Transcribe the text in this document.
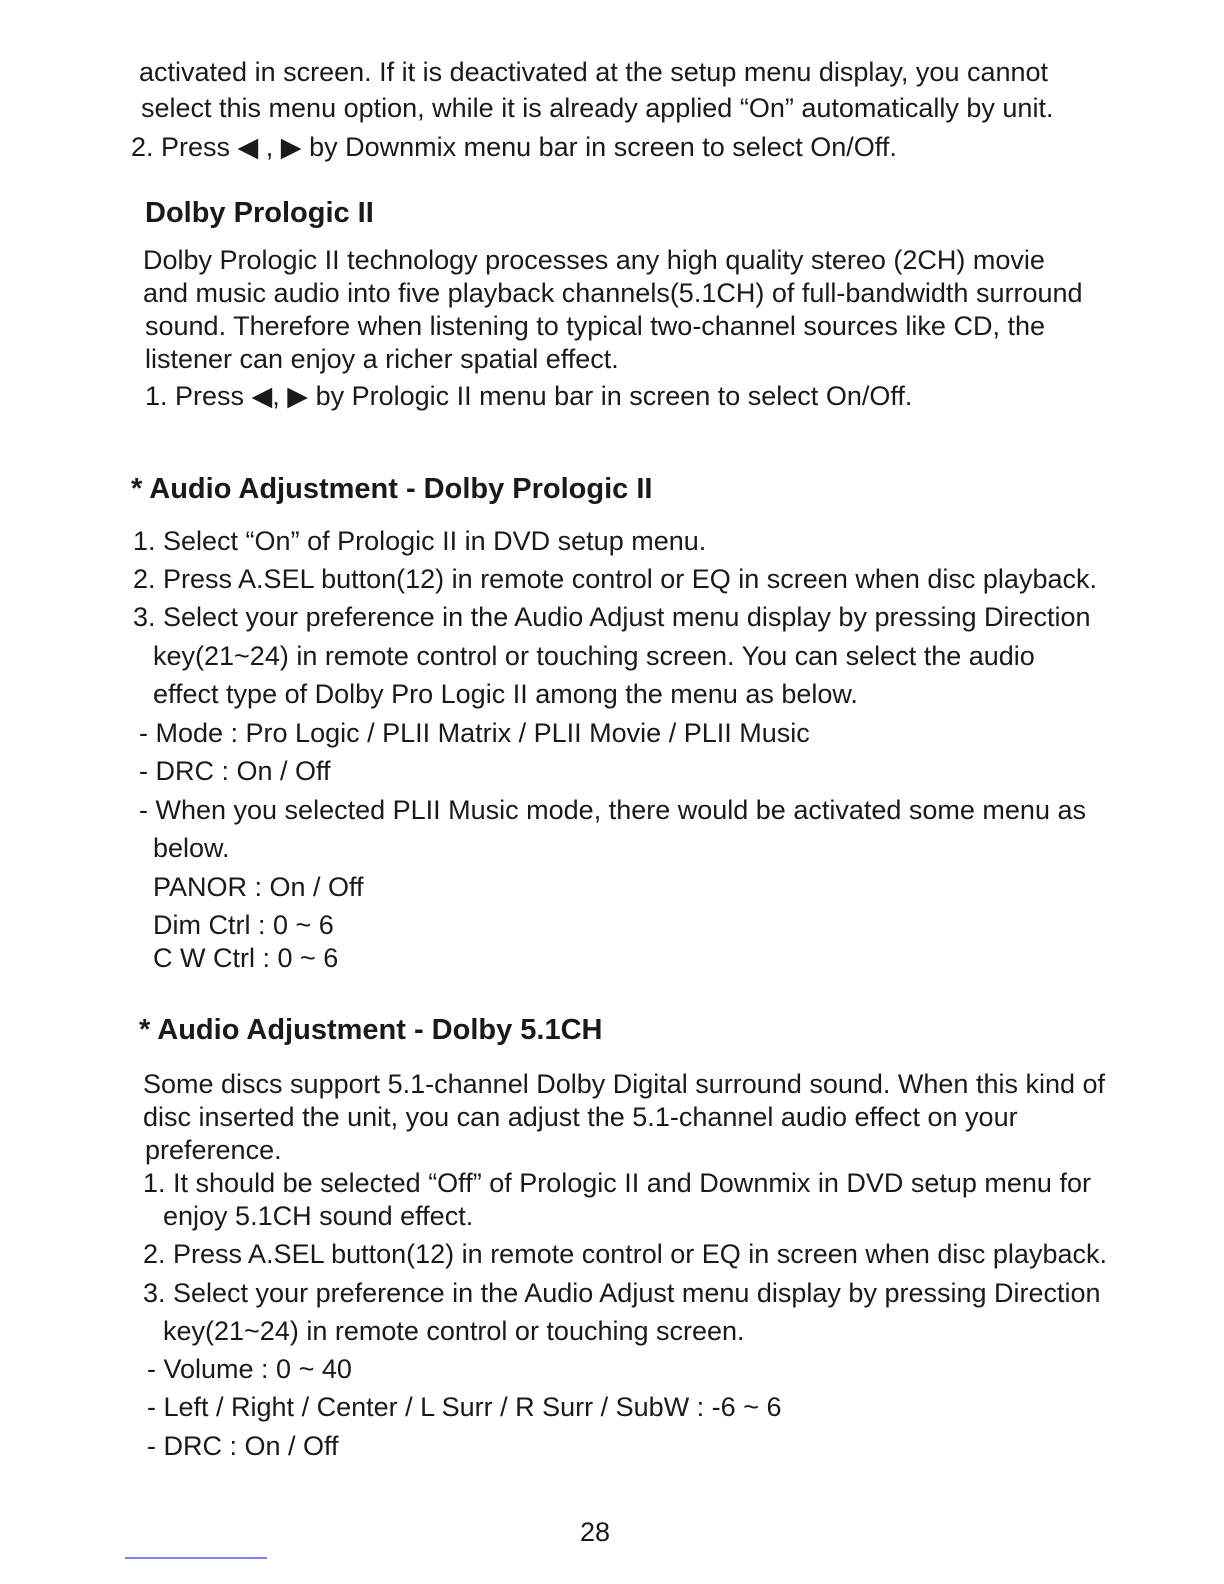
activated in screen. If it is deactivated at the setup menu display, you cannot
select this menu option, while it is already applied “On” automatically by unit.
2. Press ◀ , ▶ by Downmix menu bar in screen to select On/Off.
Dolby Prologic II
Dolby Prologic II technology processes any high quality stereo (2CH) movie
and music audio into five playback channels(5.1CH) of full-bandwidth surround
sound. Therefore when listening to typical two-channel sources like CD, the
listener can enjoy a richer spatial effect.
1. Press ◀, ▶ by Prologic II menu bar in screen to select On/Off.
* Audio Adjustment - Dolby Prologic II
1. Select “On” of Prologic II in DVD setup menu.
2. Press A.SEL button(12) in remote control or EQ in screen when disc playback.
3. Select your preference in the Audio Adjust menu display by pressing Direction
key(21~24) in remote control or touching screen. You can select the audio
effect type of Dolby Pro Logic II among the menu as below.
- Mode : Pro Logic / PLII Matrix / PLII Movie / PLII Music
- DRC : On / Off
- When you selected PLII Music mode, there would be activated some menu as
below.
PANOR : On / Off
Dim Ctrl : 0 ~ 6
C W Ctrl : 0 ~ 6
* Audio Adjustment - Dolby 5.1CH
Some discs support 5.1-channel Dolby Digital surround sound. When this kind of
disc inserted the unit, you can adjust the 5.1-channel audio effect on your
preference.
1. It should be selected “Off” of Prologic II and Downmix in DVD setup menu for
enjoy 5.1CH sound effect.
2. Press A.SEL button(12) in remote control or EQ in screen when disc playback.
3. Select your preference in the Audio Adjust menu display by pressing Direction
key(21~24) in remote control or touching screen.
- Volume : 0 ~ 40
- Left / Right / Center / L Surr / R Surr / SubW : -6 ~ 6
- DRC : On / Off
28
